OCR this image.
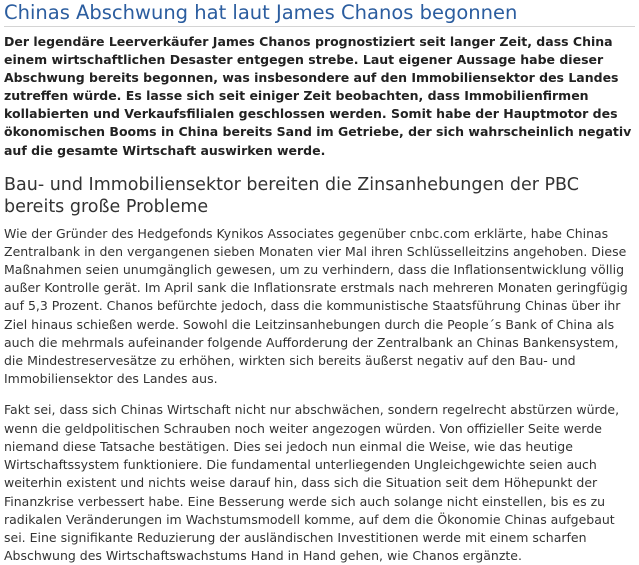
Chinas Abschwung hat laut James Chanos begonnen

Der legendäre Leerverkäufer James Chanos prognostiziert seit langer Zeit, dass China einem wirtschaftlichen Desaster entgegen strebe. Laut eigener Aussage habe dieser Abschwung bereits begonnen, was insbesondere auf den Immobiliensektor des Landes zutreffen würde. Es lasse sich seit einiger Zeit beobachten, dass Immobilienfirmen kollabierten und Verkaufsfilialen geschlossen werden. Somit habe der Hauptmotor des ökonomischen Booms in China bereits Sand im Getriebe, der sich wahrscheinlich negativ auf die gesamte Wirtschaft auswirken werde.

Bau- und Immobiliensektor bereiten die Zinsanhebungen der PBC bereits große Probleme

Wie der Gründer des Hedgefonds Kynikos Associates gegenüber cnbc.com erklärte, habe Chinas Zentralbank in den vergangenen sieben Monaten vier Mal ihren Schlüsselleitzins angehoben. Diese Maßnahmen seien unumgänglich gewesen, um zu verhindern, dass die Inflationsentwicklung völlig außer Kontrolle gerät. Im April sank die Inflationsrate erstmals nach mehreren Monaten geringfügig auf 5,3 Prozent. Chanos befürchte jedoch, dass die kommunistische Staatsführung Chinas über ihr Ziel hinaus schießen werde. Sowohl die Leitzinsanhebungen durch die People´s Bank of China als auch die mehrmals aufeinander folgende Aufforderung der Zentralbank an Chinas Bankensystem, die Mindestreservesätze zu erhöhen, wirkten sich bereits äußerst negativ auf den Bau- und Immobiliensektor des Landes aus.

Fakt sei, dass sich Chinas Wirtschaft nicht nur abschwächen, sondern regelrecht abstürzen würde, wenn die geldpolitischen Schrauben noch weiter angezogen würden. Von offizieller Seite werde niemand diese Tatsache bestätigen. Dies sei jedoch nun einmal die Weise, wie das heutige Wirtschaftssystem funktioniere. Die fundamental unterliegenden Ungleichgewichte seien auch weiterhin existent und nichts weise darauf hin, dass sich die Situation seit dem Höhepunkt der Finanzkrise verbessert habe. Eine Besserung werde sich auch solange nicht einstellen, bis es zu radikalen Veränderungen im Wachstumsmodell komme, auf dem die Ökonomie Chinas aufgebaut sei. Eine signifikante Reduzierung der ausländischen Investitionen werde mit einem scharfen Abschwung des Wirtschaftswachstums Hand in Hand gehen, wie Chanos ergänzte.
